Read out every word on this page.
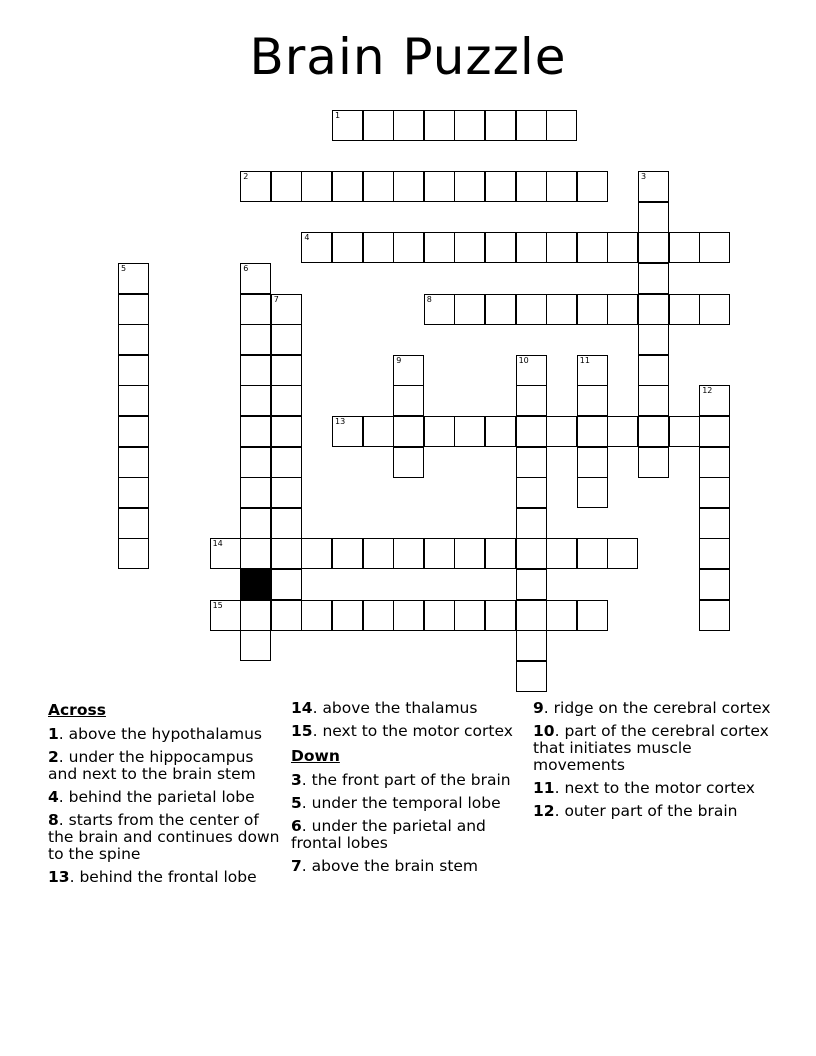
Brain Puzzle
1
2	3
4
5	6
7	8
9	10	11
12
13
14
15
Across
1. above the hypothalamus
2. under the hippocampus and next to the brain stem
4. behind the parietal lobe
8. starts from the center of the brain and continues down to the spine
13. behind the frontal lobe
14. above the thalamus
15. next to the motor cortex
Down
3. the front part of the brain
5. under the temporal lobe
6. under the parietal and frontal lobes
7. above the brain stem
9. ridge on the cerebral cortex
10. part of the cerebral cortex that initiates muscle movements
11. next to the motor cortex
12. outer part of the brain
